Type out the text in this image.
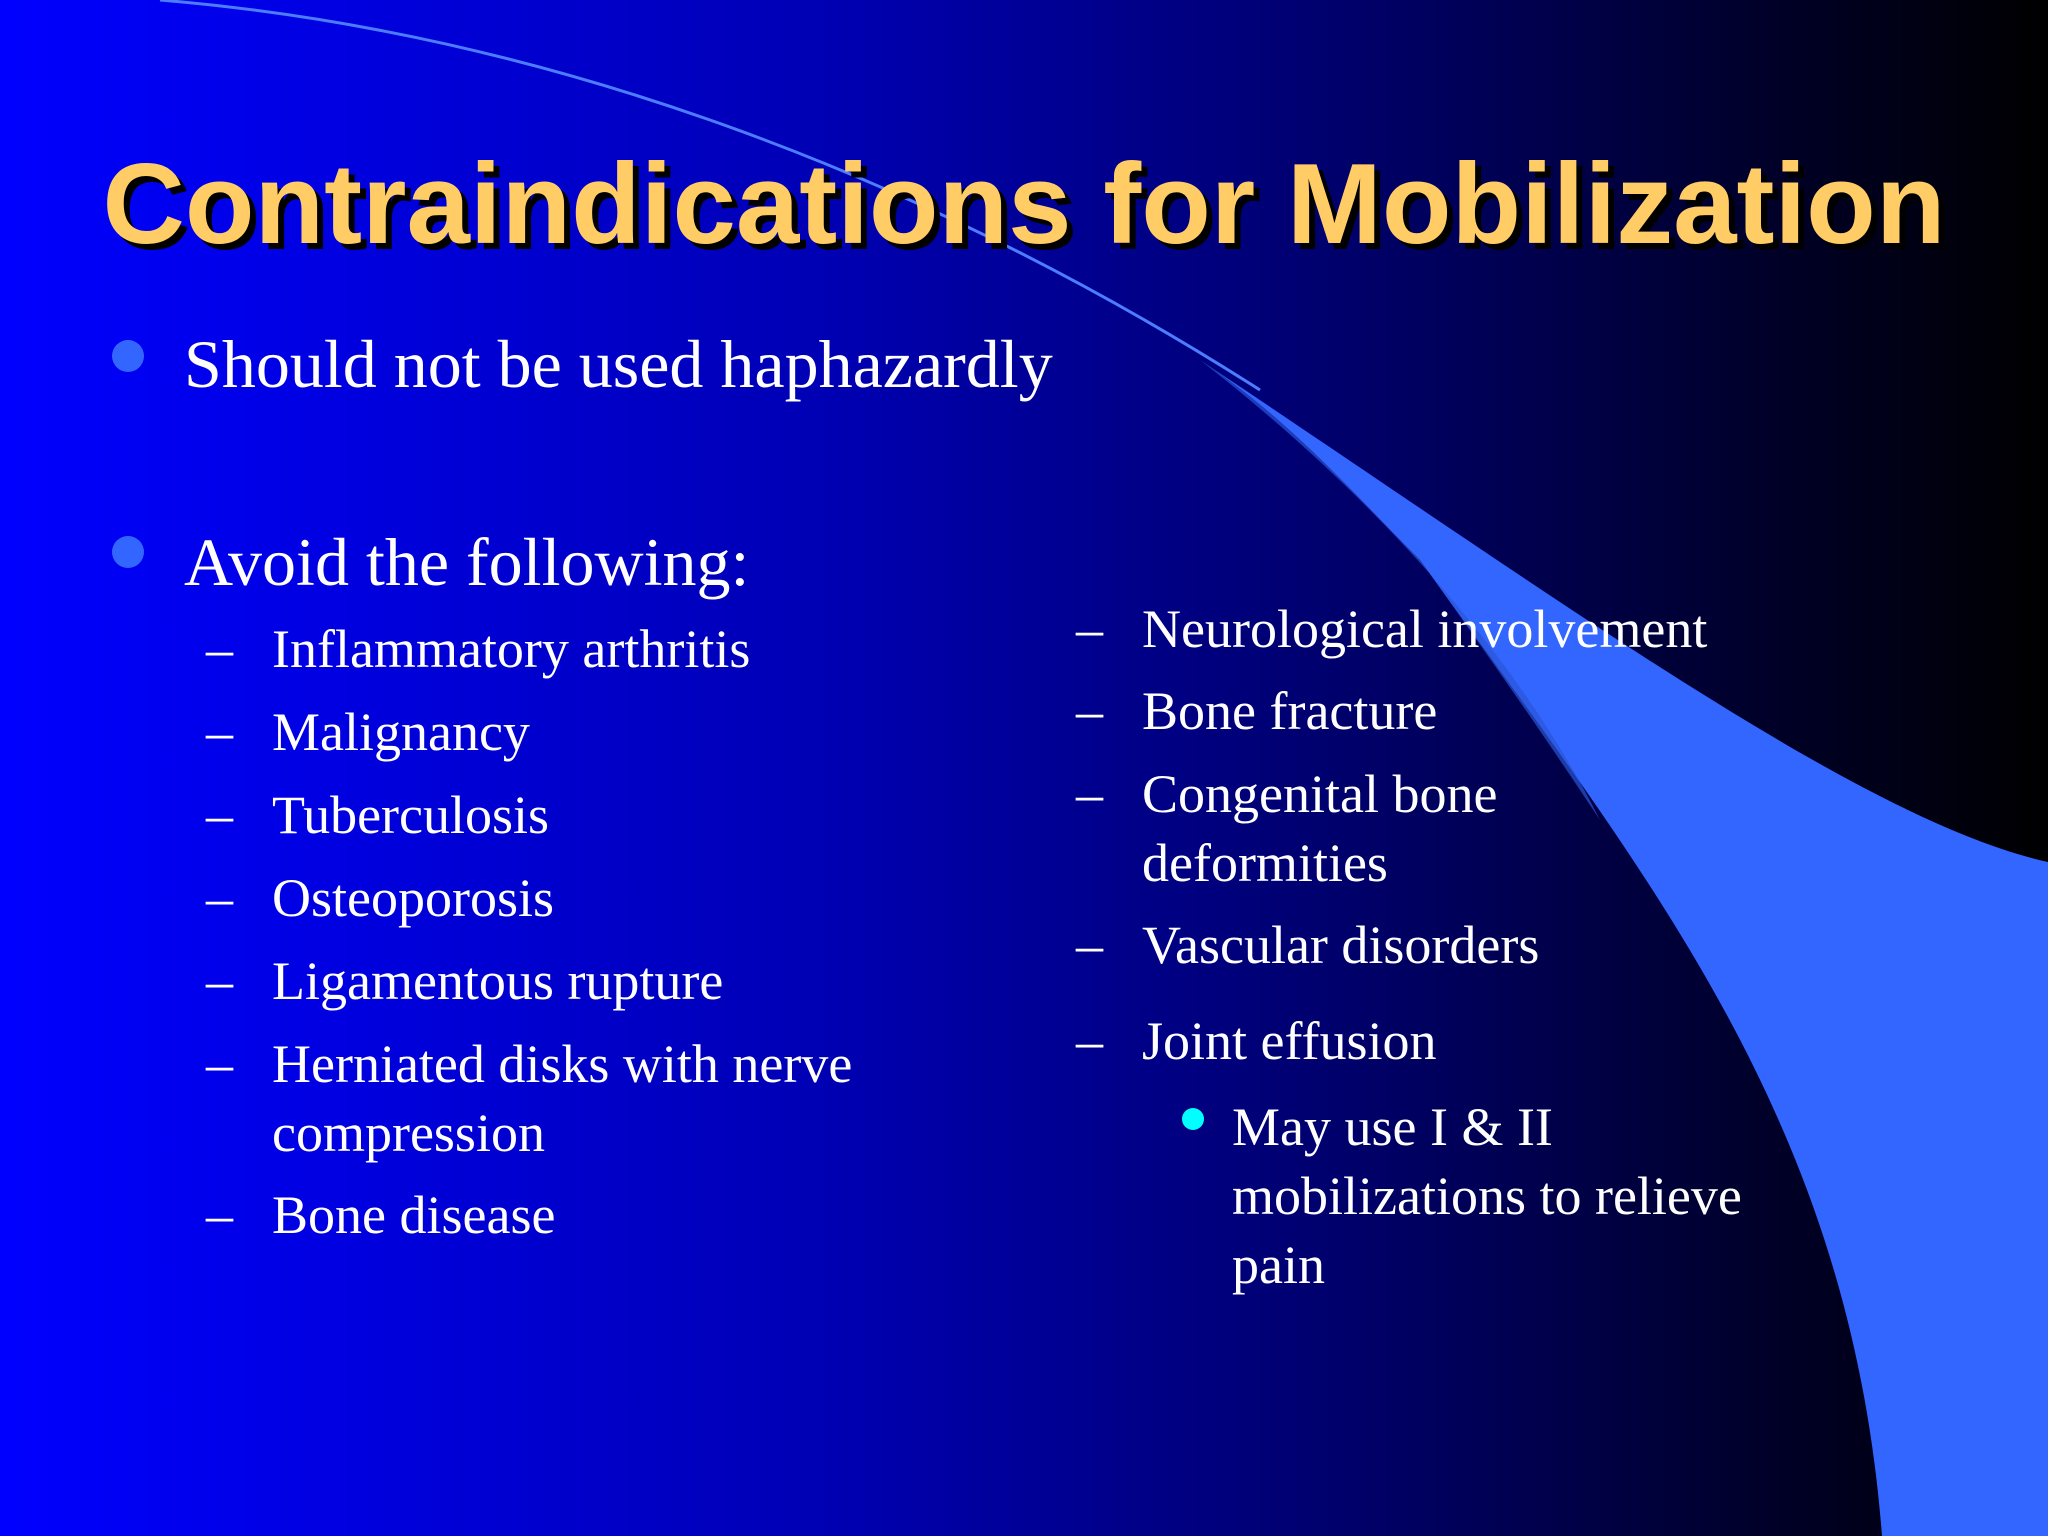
Contraindications for Mobilization

Should not be used haphazardly

Avoid the following:

– Inflammatory arthritis

– Malignancy

– Tuberculosis

– Osteoporosis

– Ligamentous rupture

– Herniated disks with nerve compression

– Bone disease

– Neurological involvement

– Bone fracture

– Congenital bone deformities

– Vascular disorders

– Joint effusion

May use I & II mobilizations to relieve pain
